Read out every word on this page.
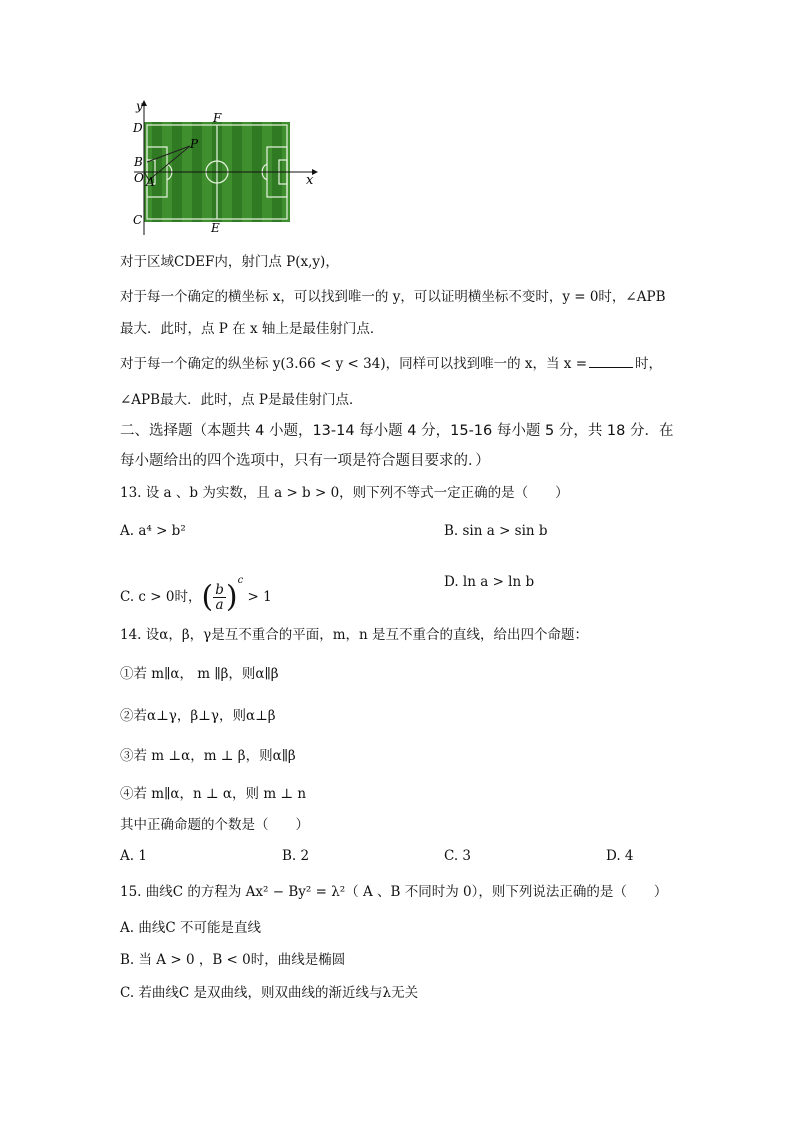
y
x
D
F
P
B
O A
C
E
对于区域CDEF内，射门点 P(x,y)，
对于每一个确定的横坐标 x，可以找到唯一的 y，可以证明横坐标不变时，y = 0时，∠APB
最大．此时，点 P 在 x 轴上是最佳射门点．
对于每一个确定的纵坐标 y(3.66 < y < 34)，同样可以找到唯一的 x，当 x =	时，
∠APB最大．此时，点 P是最佳射门点．
二、选择题（本题共 4 小题，13-14 每小题 4 分，15-16 每小题 5 分，共 18 分．在
每小题给出的四个选项中，只有一项是符合题目要求的．）
13. 设 a 、b 为实数，且 a > b > 0，则下列不等式一定正确的是（　　）
A. a⁴ > b²	B. sin a > sin b
C. c > 0时，( $\frac{b}{a} )^c > 1$
D. ln a > ln b
14. 设α，β，γ是互不重合的平面，m，n 是互不重合的直线，给出四个命题：
①若 m∥α， m ∥β，则α∥β
②若α⊥γ，β⊥γ，则α⊥β
③若 m ⊥α，m ⊥ β，则α∥β
④若 m∥α，n ⊥ α，则 m ⊥ n
其中正确命题的个数是（　　）
A. 1	B. 2	C. 3	D. 4
15. 曲线C 的方程为 Ax² − By² = λ²（ A 、B 不同时为 0），则下列说法正确的是（　　）
A. 曲线C 不可能是直线
B. 当 A > 0 ，B < 0时，曲线是椭圆
C. 若曲线C 是双曲线，则双曲线的渐近线与λ无关
